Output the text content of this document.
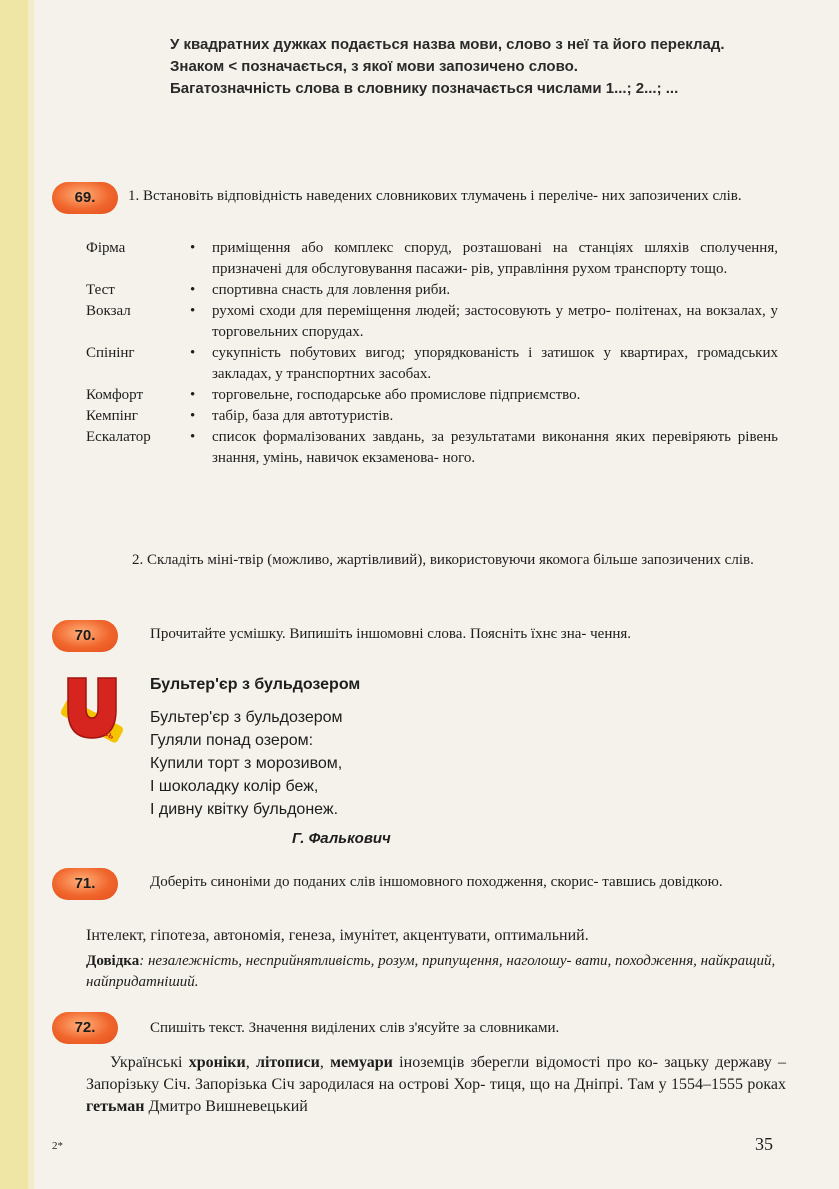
У квадратних дужках подається назва мови, слово з неї та його переклад.
Знаком < позначається, з якої мови запозичено слово.
Багатозначність слова в словнику позначається числами 1...; 2...; ...
69.	1. Встановіть відповідність наведених словникових тлумачень і переліче- них запозичених слів.
Фірма	•	приміщення або комплекс споруд, розташовані на станціях шляхів сполучення, призначені для обслуговування пасажи- рів, управління рухом транспорту тощо.
Тест	•	спортивна снасть для ловлення риби.
Вокзал	•	рухомі сходи для переміщення людей; застосовують у метро- політенах, на вокзалах, у торговельних спорудах.
Спінінг	•	сукупність побутових вигод; упорядкованість і затишок у квартирах, громадських закладах, у транспортних засобах.
Комфорт	•	торговельне, господарське або промислове підприємство.
Кемпінг	•	табір, база для автотуристів.
Ескалатор	•	список формалізованих завдань, за результатами виконання яких перевіряють рівень знання, умінь, навичок екзаменова- ного.
2. Складіть міні-твір (можливо, жартівливий), використовуючи якомога більше запозичених слів.
70.	Прочитайте усмішку. Випишіть іншомовні слова. Поясніть їхнє зна- чення.
УСМІХНІМОСЬ
Бультер'єр з бульдозером
Бультер'єр з бульдозером
Гуляли понад озером:
Купили торт з морозивом,
І шоколадку колір беж,
І дивну квітку бульдонеж.
Г. Фалькович
71.	Доберіть синоніми до поданих слів іншомовного походження, скорис- тавшись довідкою.
Інтелект, гіпотеза, автономія, генеза, імунітет, акцентувати, оптимальний.
Довідка: незалежність, несприйнятливість, розум, припущення, наголошу- вати, походження, найкращий, найпридатніший.
72.	Спишіть текст. Значення виділених слів з'ясуйте за словниками.
Українські хроніки, літописи, мемуари іноземців зберегли відомості про ко- зацьку державу – Запорізьку Січ. Запорізька Січ зародилася на острові Хор- тиця, що на Дніпрі. Там у 1554–1555 роках гетьман Дмитро Вишневецький
35
2*
